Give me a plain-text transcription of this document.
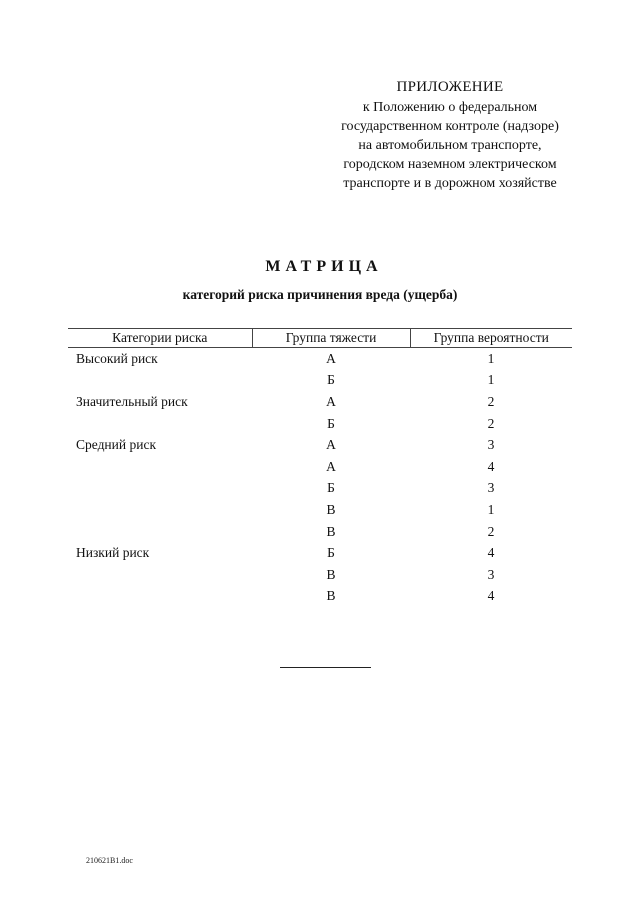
ПРИЛОЖЕНИЕ
к Положению о федеральном
государственном контроле (надзоре)
на автомобильном транспорте,
городском наземном электрическом
транспорте и в дорожном хозяйстве
МАТРИЦА
категорий риска причинения вреда (ущерба)
Категории риска	Группа тяжести	Группа вероятности
Высокий риск	А	1
	Б	1
Значительный риск	А	2
	Б	2
Средний риск	А	3
	А	4
	Б	3
	В	1
	В	2
Низкий риск	Б	4
	В	3
	В	4
210621B1.doc
